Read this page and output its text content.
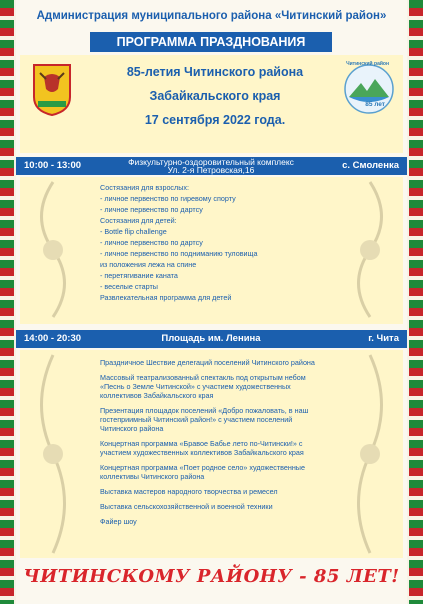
Администрация муниципального района «Читинский район»
ПРОГРАММА ПРАЗДНОВАНИЯ
85-летия Читинского района
Забайкальского края
17 сентября 2022 года.
Читинский район
85 лет
10:00 - 13:00	Физкультурно-оздоровительный комплекс
Ул. 2-я Петровская,16	с. Смоленка
Состязания для взрослых:
- личное первенство по гиревому спорту
- личное первенство по дартсу
Состязания для детей:
- Bottle flip challenge
- личное первенство по дартсу
- личное первенство по подниманию туловища
из положения лежа на спине
- перетягивание каната
- веселые старты
Развлекательная программа для детей
14:00 - 20:30	Площадь им. Ленина	г. Чита
Праздничное Шествие делегаций поселений Читинского района
Массовый театрализованный спектакль под открытым небом «Песнь о Земле Читинской» с участием художественных коллективов Забайкальского края
Презентация площадок поселений «Добро пожаловать, в наш гостеприимный Читинский район!» с участием поселений Читинского района
Концертная программа «Бравое Бабье лето по-Читински!» с участием художественных коллективов Забайкальского края
Концертная программа «Поет родное село» художественные коллективы Читинского района
Выставка мастеров народного творчества и ремесел
Выставка сельскохозяйственной и военной техники
Файер шоу
ЧИТИНСКОМУ РАЙОНУ - 85 ЛЕТ!
